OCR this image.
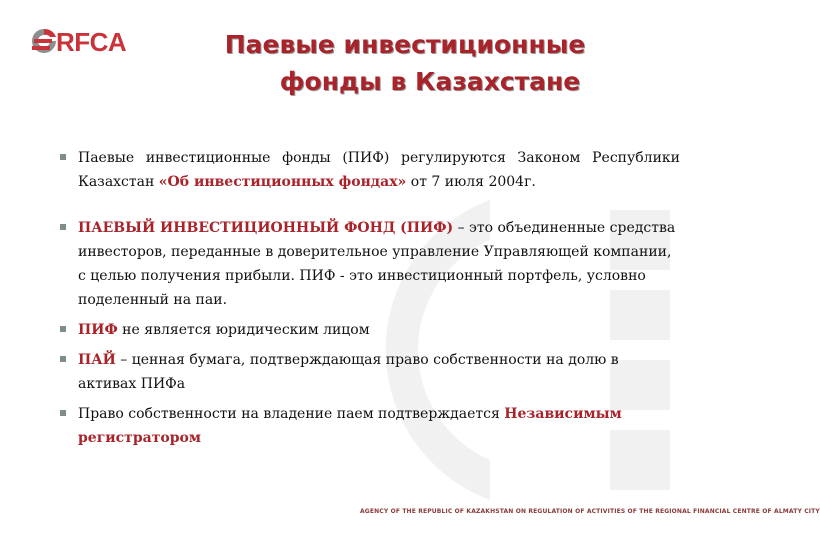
RFCA	Паевые инвестиционные
фонды в Казахстане

Паевые инвестиционные фонды (ПИФ) регулируются Законом Республики Казахстан «Об инвестиционных фондах» от 7 июля 2004г.

ПАЕВЫЙ ИНВЕСТИЦИОННЫЙ ФОНД (ПИФ) – это объединенные средства инвесторов, переданные в доверительное управление Управляющей компании, с целью получения прибыли. ПИФ - это инвестиционный портфель, условно поделенный на паи.

ПИФ не является юридическим лицом

ПАЙ – ценная бумага, подтверждающая право собственности на долю в активах ПИФа

Право собственности на владение паем подтверждается Независимым регистратором

AGENCY OF THE REPUBLIC OF KAZAKHSTAN ON REGULATION OF ACTIVITIES OF THE REGIONAL FINANCIAL CENTRE OF ALMATY CITY
